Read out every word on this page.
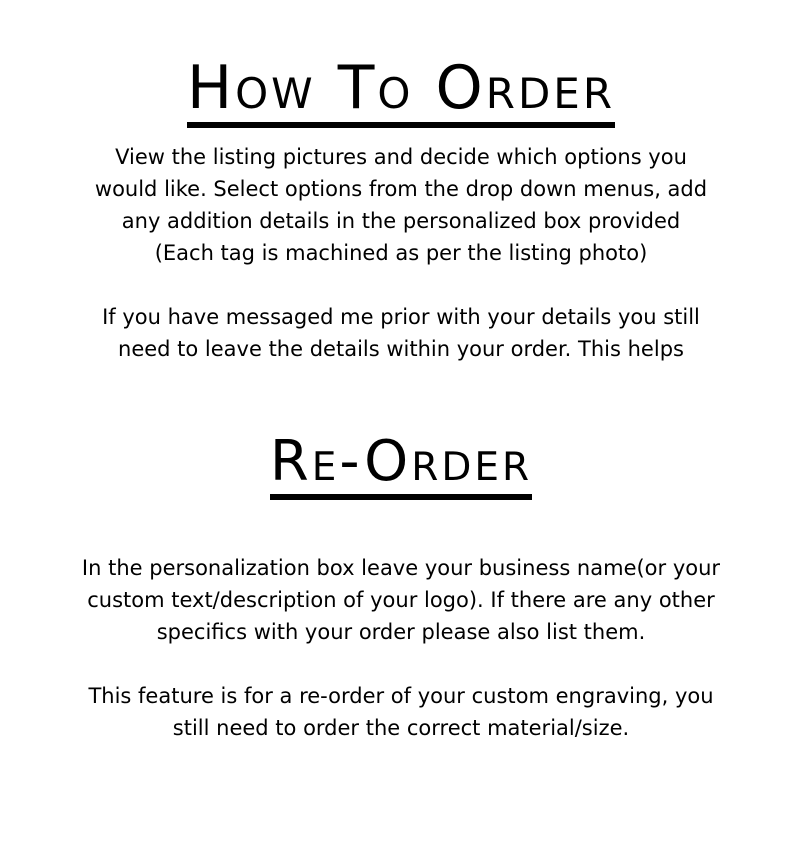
How To Order

View the listing pictures and decide which options you
would like. Select options from the drop down menus, add
any addition details in the personalized box provided
(Each tag is machined as per the listing photo)

If you have messaged me prior with your details you still
need to leave the details within your order. This helps

Re-Order

In the personalization box leave your business name(or your
custom text/description of your logo). If there are any other
specifics with your order please also list them.

This feature is for a re-order of your custom engraving, you
still need to order the correct material/size.
